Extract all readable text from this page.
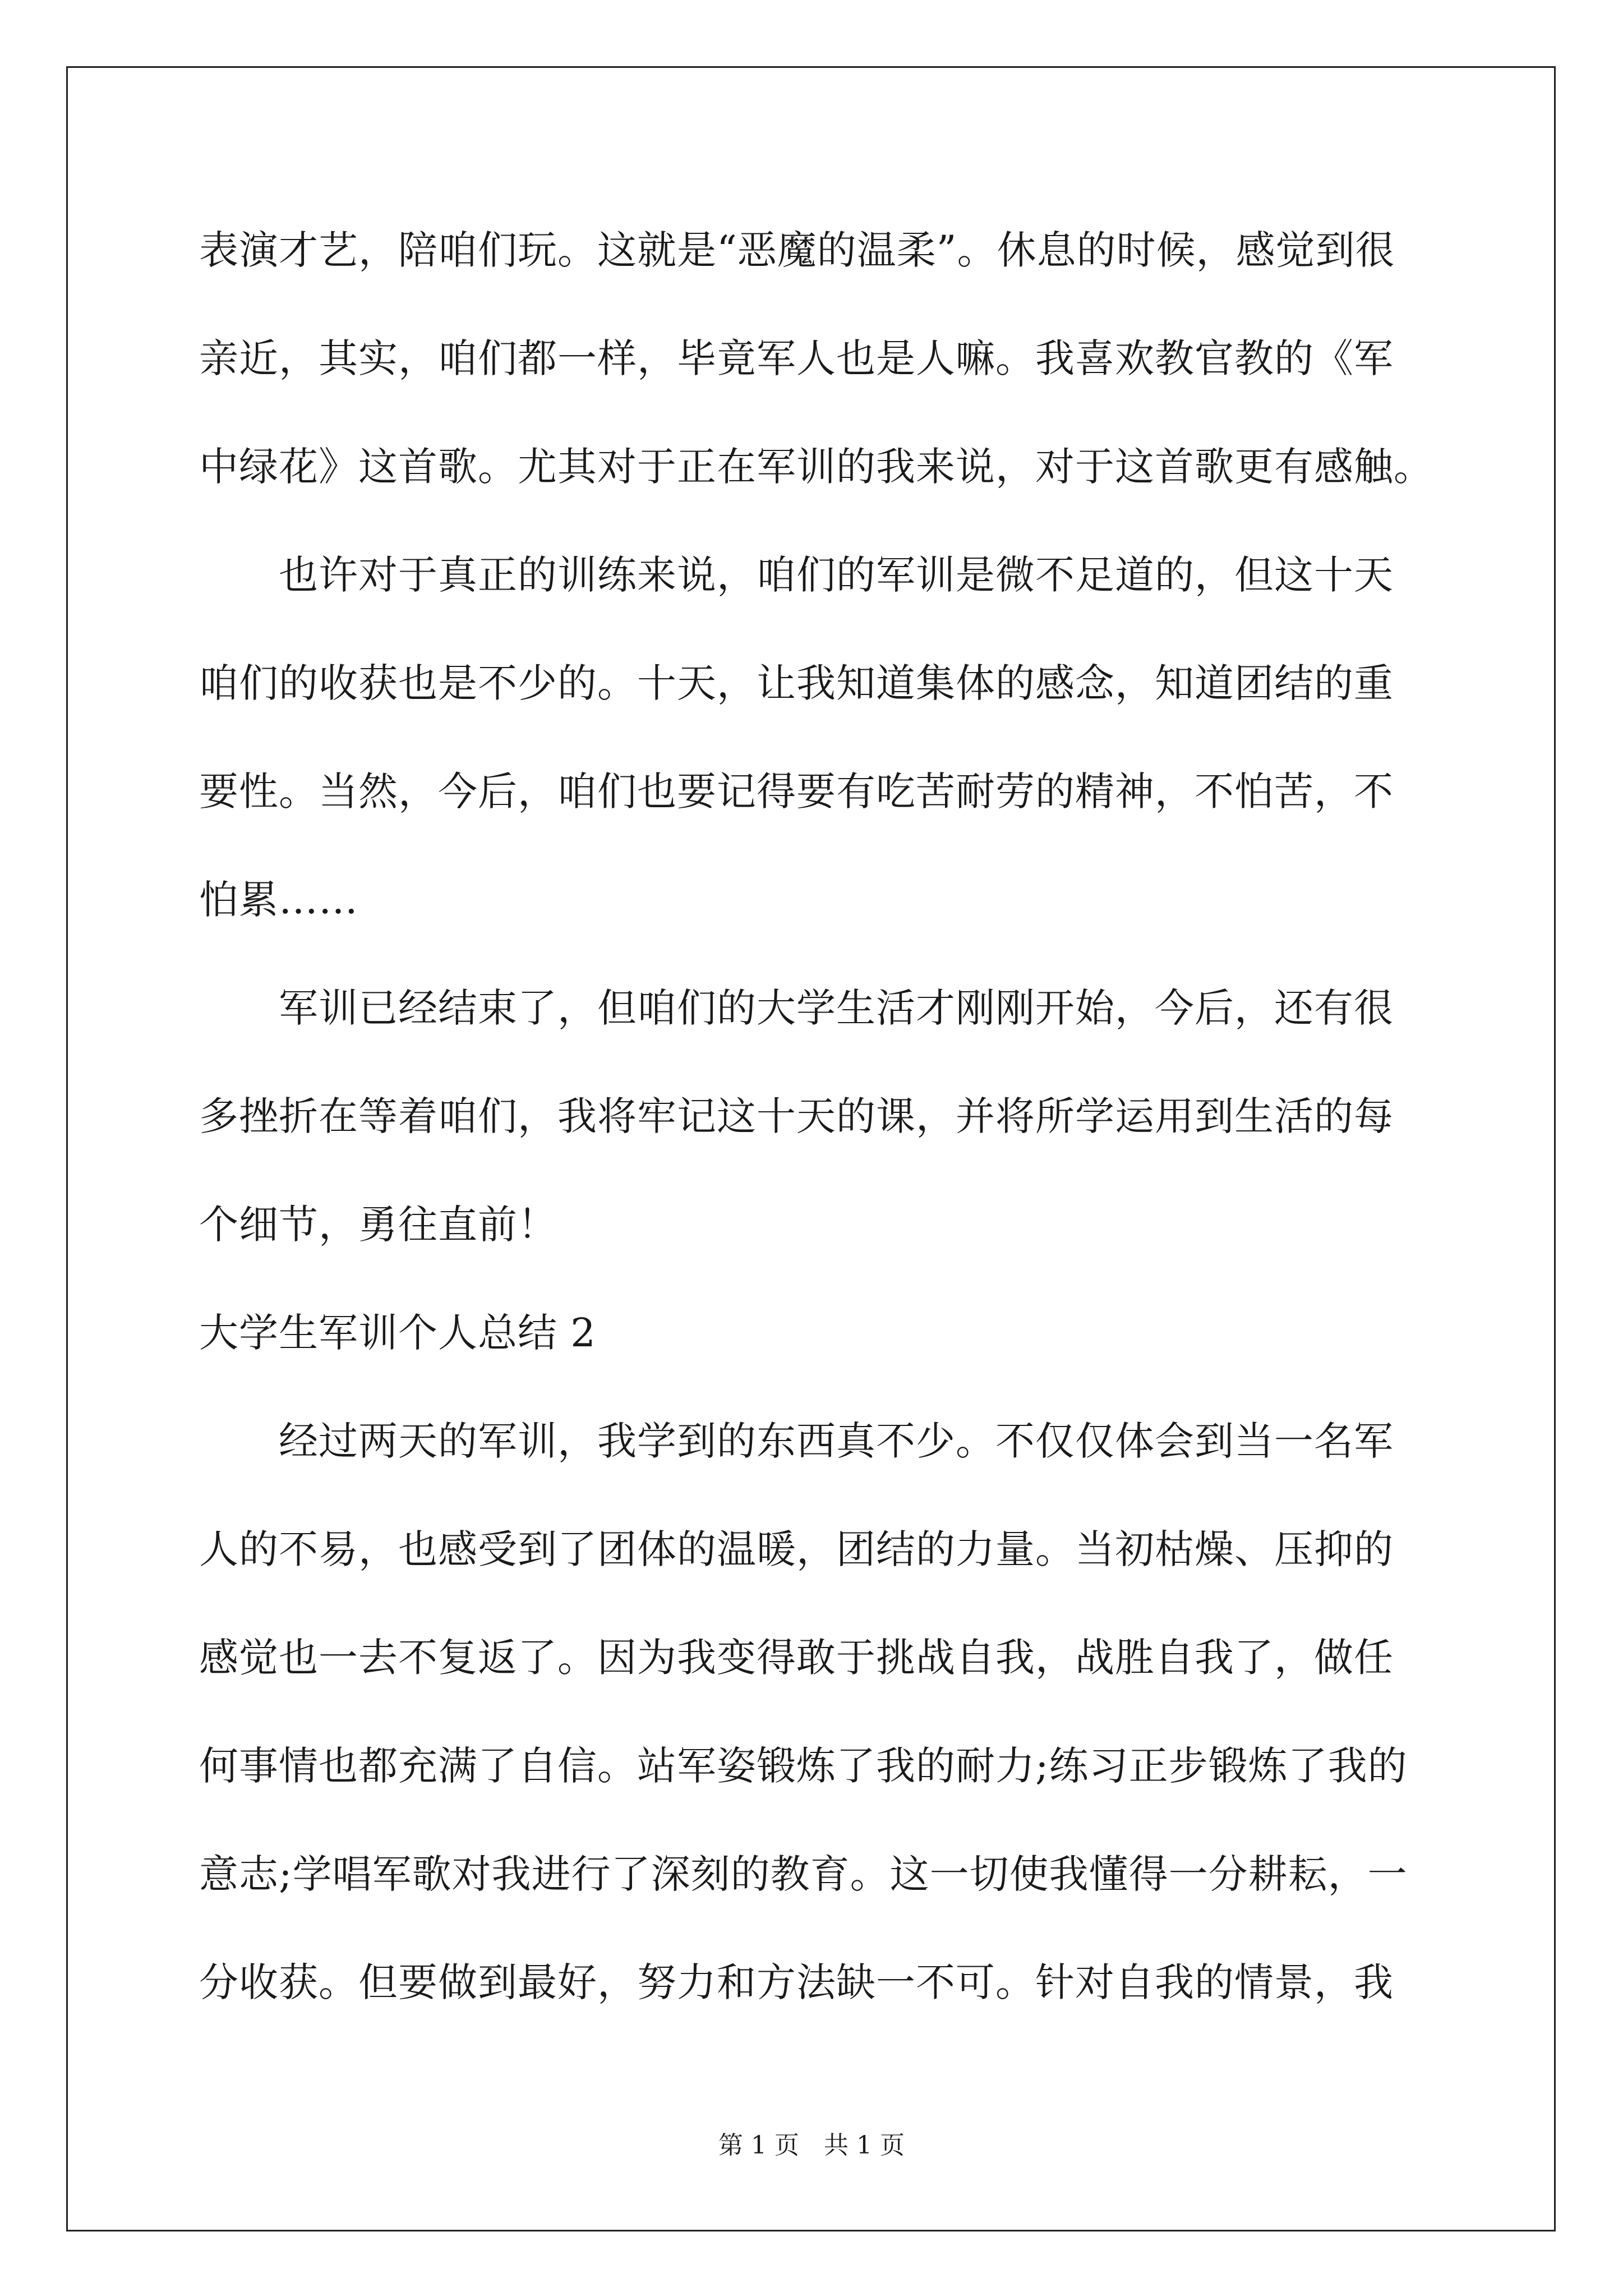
表演才艺，陪咱们玩。这就是“恶魔的温柔”。休息的时候，感觉到很
亲近，其实，咱们都一样，毕竟军人也是人嘛。我喜欢教官教的《军
中绿花》这首歌。尤其对于正在军训的我来说，对于这首歌更有感触。
　　也许对于真正的训练来说，咱们的军训是微不足道的，但这十天
咱们的收获也是不少的。十天，让我知道集体的感念，知道团结的重
要性。当然，今后，咱们也要记得要有吃苦耐劳的精神，不怕苦，不
怕累……
　　军训已经结束了，但咱们的大学生活才刚刚开始，今后，还有很
多挫折在等着咱们，我将牢记这十天的课，并将所学运用到生活的每
个细节，勇往直前！
大学生军训个人总结 2
　　经过两天的军训，我学到的东西真不少。不仅仅体会到当一名军
人的不易，也感受到了团体的温暖，团结的力量。当初枯燥、压抑的
感觉也一去不复返了。因为我变得敢于挑战自我，战胜自我了，做任
何事情也都充满了自信。站军姿锻炼了我的耐力;练习正步锻炼了我的
意志;学唱军歌对我进行了深刻的教育。这一切使我懂得一分耕耘，一
分收获。但要做到最好，努力和方法缺一不可。针对自我的情景，我
第 1 页　共 1 页
